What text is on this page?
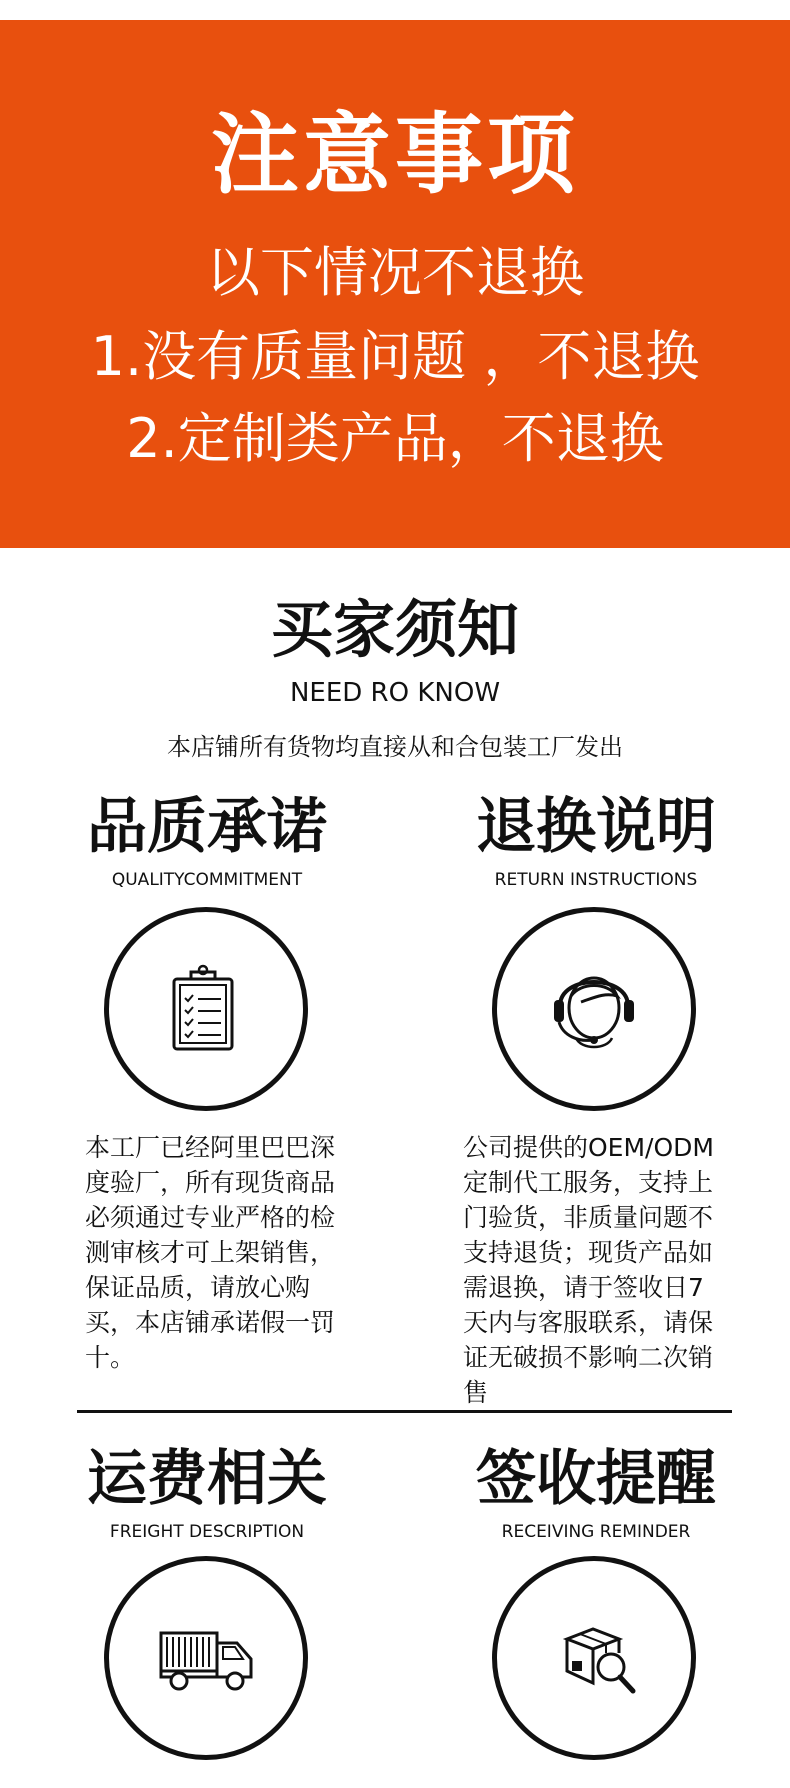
注意事项
以下情况不退换
1.没有质量问题 ，不退换
2.定制类产品，不退换
买家须知
NEED RO KNOW
本店铺所有货物均直接从和合包装工厂发出
品质承诺
QUALITYCOMMITMENT
本工厂已经阿里巴巴深度验厂，所有现货商品必须通过专业严格的检测审核才可上架销售，保证品质，请放心购买，本店铺承诺假一罚十。
退换说明
RETURN INSTRUCTIONS
公司提供的OEM/ODM定制代工服务，支持上门验货，非质量问题不支持退货；现货产品如需退换，请于签收日7天内与客服联系，请保证无破损不影响二次销售
运费相关
FREIGHT DESCRIPTION
签收提醒
RECEIVING REMINDER
